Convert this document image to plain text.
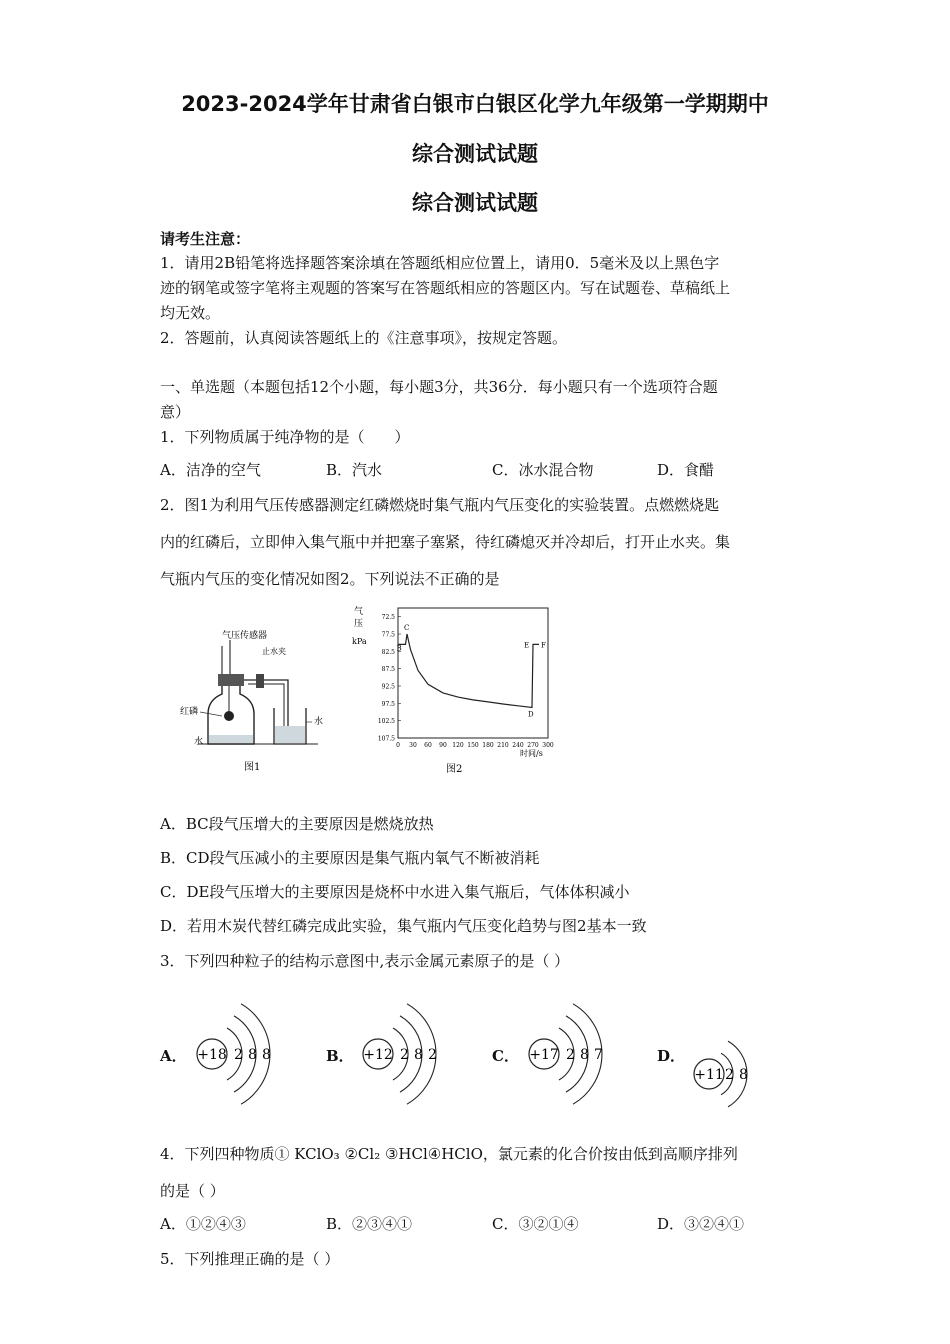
2023-2024学年甘肃省白银市白银区化学九年级第一学期期中
综合测试试题
综合测试试题
请考生注意：
1．请用2B铅笔将选择题答案涂填在答题纸相应位置上，请用0．5毫米及以上黑色字
迹的钢笔或签字笔将主观题的答案写在答题纸相应的答题区内。写在试题卷、草稿纸上
均无效。
2．答题前，认真阅读答题纸上的《注意事项》，按规定答题。
一、单选题（本题包括12个小题，每小题3分，共36分．每小题只有一个选项符合题
意）
1．下列物质属于纯净物的是（　　）
A．洁净的空气	B．汽水	C．冰水混合物	D．食醋
2．图1为利用气压传感器测定红磷燃烧时集气瓶内气压变化的实验装置。点燃燃烧匙
内的红磷后，立即伸入集气瓶中并把塞子塞紧，待红磷熄灭并冷却后，打开止水夹。集
气瓶内气压的变化情况如图2。下列说法不正确的是
气压传感器
止水夹
红磷
水
水
图1
气
压
kPa
107.5
102.5
97.5
92.5
87.5
82.5
77.5
72.5
0 30 60 90 120 150 180 210 240 270 300
B
C
D
E F
时间/s
图2
A．BC段气压增大的主要原因是燃烧放热
B．CD段气压减小的主要原因是集气瓶内氧气不断被消耗
C．DE段气压增大的主要原因是烧杯中水进入集气瓶后，气体体积减小
D．若用木炭代替红磷完成此实验，集气瓶内气压变化趋势与图2基本一致
3．下列四种粒子的结构示意图中,表示金属元素原子的是（ ）
A． +18 2 8 8	B． +12 2 8 2	C． +17 2 8 7	D．
+11 2 8
4．下列四种物质① KClO₃ ②Cl₂ ③HCl④HClO，氯元素的化合价按由低到高顺序排列
的是（ ）
A．①②④③	B．②③④①	C．③②①④	D．③②④①
5．下列推理正确的是（ ）
